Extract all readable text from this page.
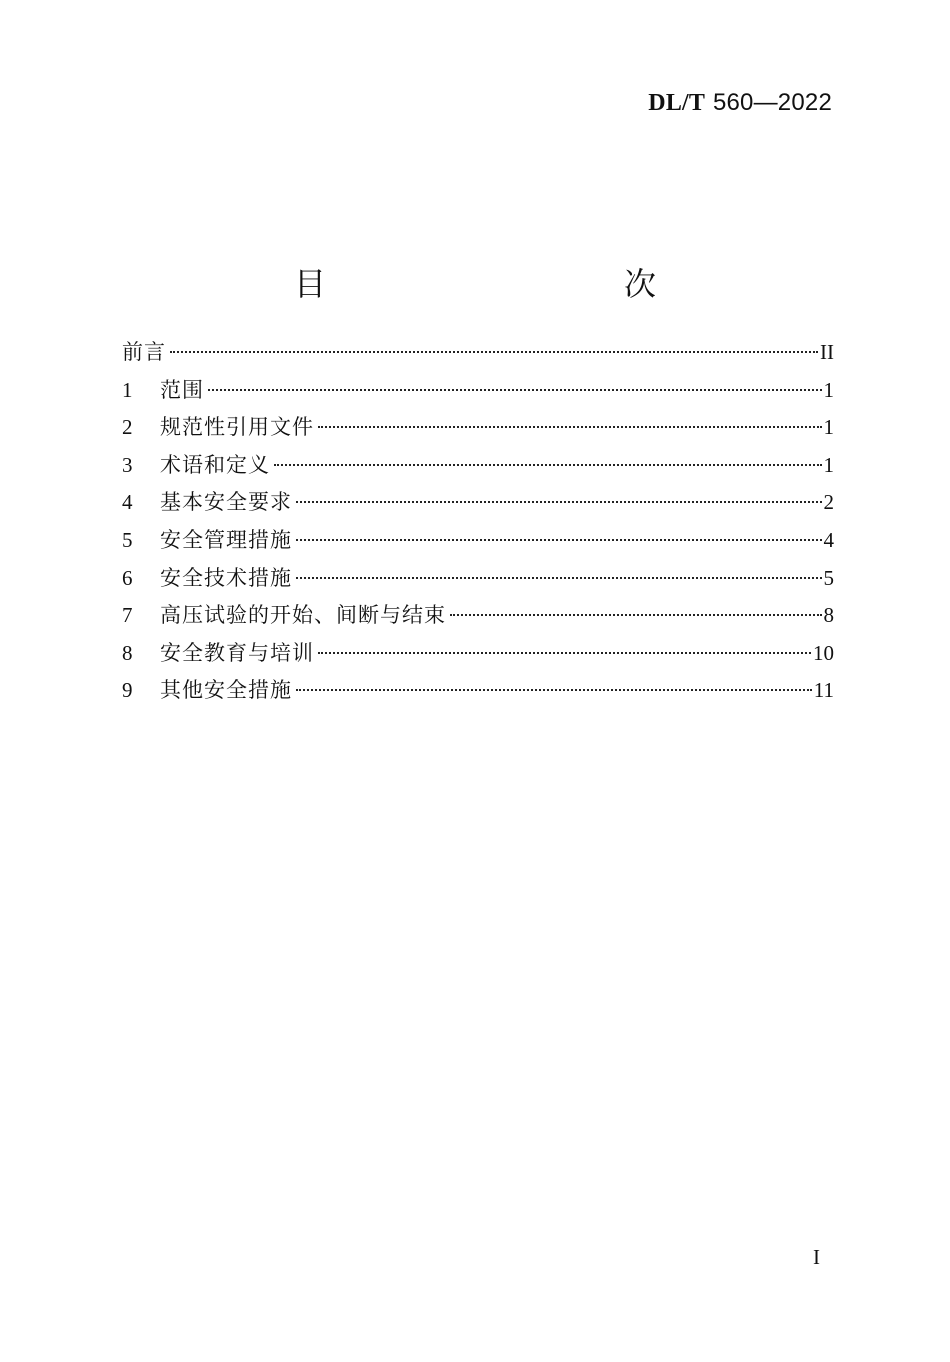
DL/T 560—2022
目　　次
前言	II
1	范围	1
2	规范性引用文件	1
3	术语和定义	1
4	基本安全要求	2
5	安全管理措施	4
6	安全技术措施	5
7	高压试验的开始、间断与结束	8
8	安全教育与培训	10
9	其他安全措施	11
I
